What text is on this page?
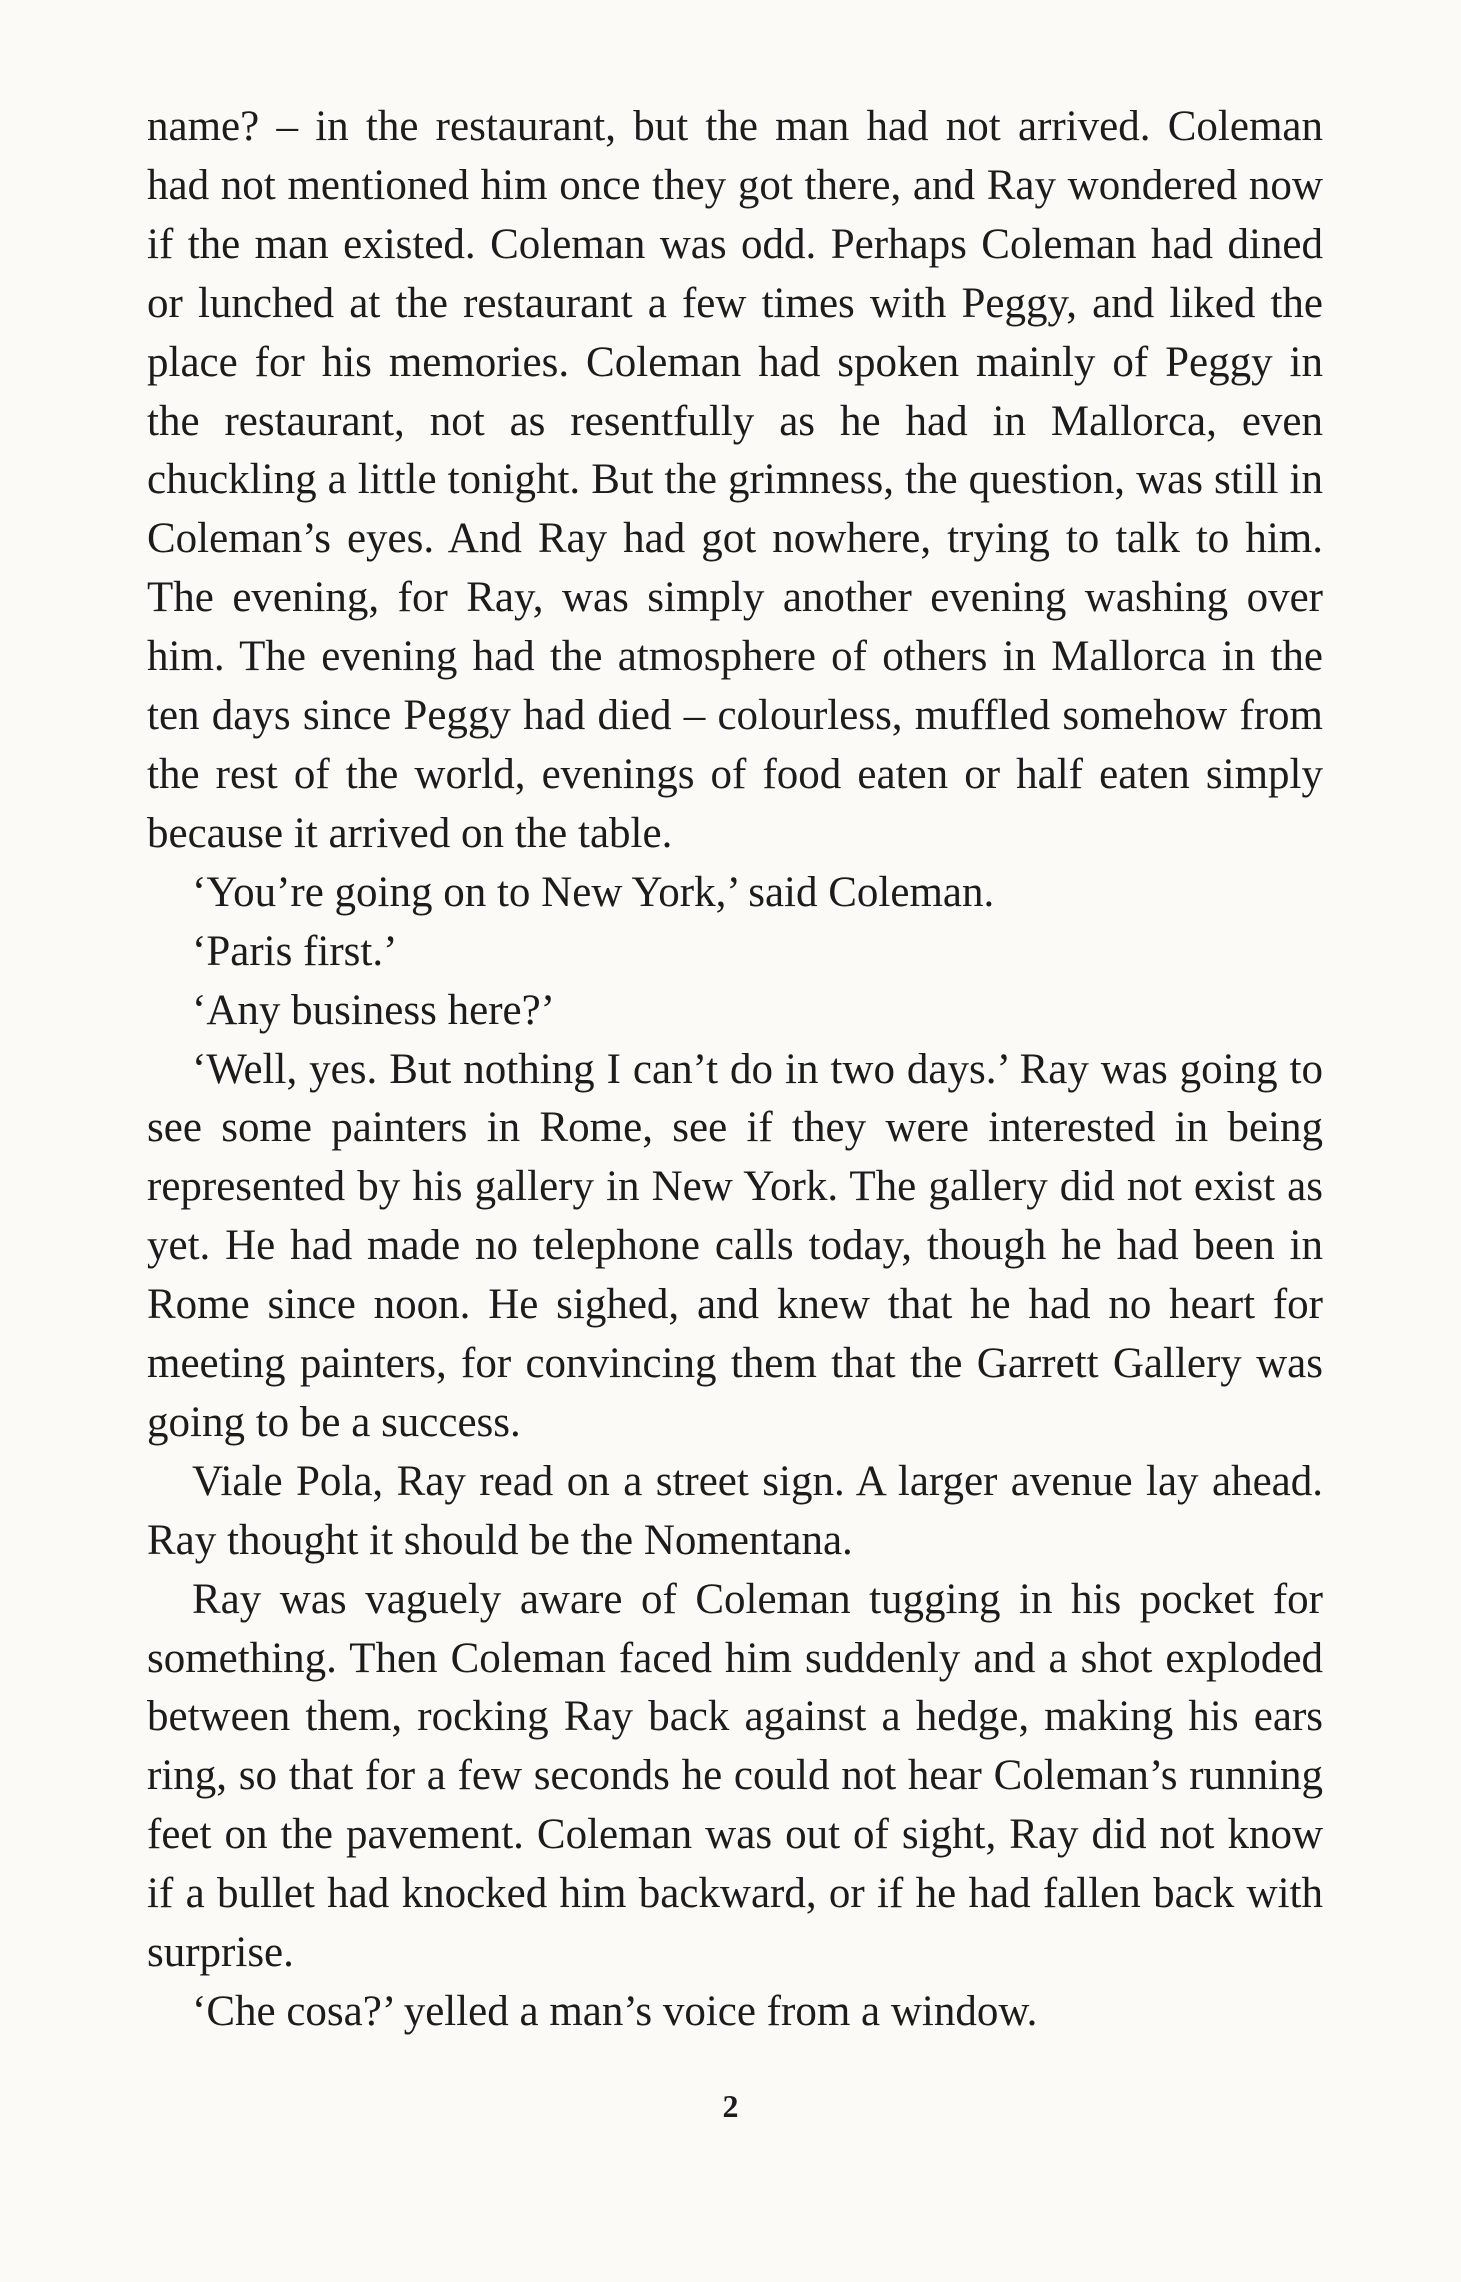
name? – in the restaurant, but the man had not arrived. Coleman had not mentioned him once they got there, and Ray wondered now if the man existed. Coleman was odd. Perhaps Coleman had dined or lunched at the restaurant a few times with Peggy, and liked the place for his memories. Coleman had spoken mainly of Peggy in the restaurant, not as resentfully as he had in Mallorca, even chuckling a little tonight. But the grimness, the question, was still in Coleman’s eyes. And Ray had got nowhere, trying to talk to him. The evening, for Ray, was simply another evening washing over him. The evening had the atmosphere of others in Mallorca in the ten days since Peggy had died – colourless, muffled somehow from the rest of the world, evenings of food eaten or half eaten simply because it arrived on the table.

‘You’re going on to New York,’ said Coleman.

‘Paris first.’

‘Any business here?’

‘Well, yes. But nothing I can’t do in two days.’ Ray was going to see some painters in Rome, see if they were interested in being represented by his gallery in New York. The gallery did not exist as yet. He had made no telephone calls today, though he had been in Rome since noon. He sighed, and knew that he had no heart for meeting painters, for convincing them that the Garrett Gallery was going to be a success.

Viale Pola, Ray read on a street sign. A larger avenue lay ahead. Ray thought it should be the Nomentana.

Ray was vaguely aware of Coleman tugging in his pocket for something. Then Coleman faced him suddenly and a shot exploded between them, rocking Ray back against a hedge, making his ears ring, so that for a few seconds he could not hear Coleman’s running feet on the pavement. Coleman was out of sight, Ray did not know if a bullet had knocked him backward, or if he had fallen back with surprise.

‘Che cosa?’ yelled a man’s voice from a window.

2
